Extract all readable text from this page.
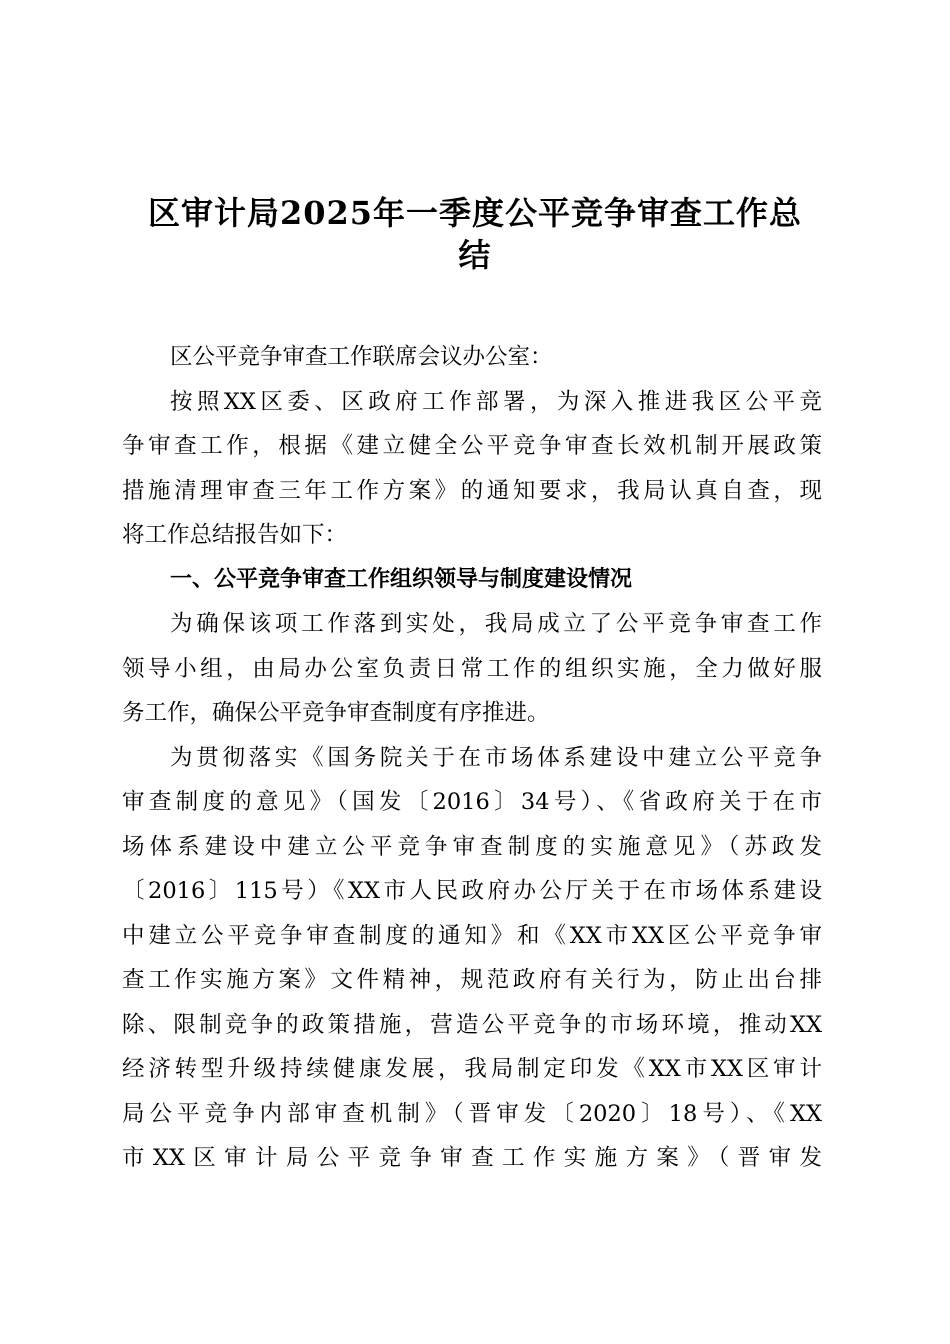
区审计局2025年一季度公平竞争审查工作总
结
区公平竞争审查工作联席会议办公室：
按照XX区委、区政府工作部署，为深入推进我区公平竞
争审查工作，根据《建立健全公平竞争审查长效机制开展政策
措施清理审查三年工作方案》的通知要求，我局认真自查，现
将工作总结报告如下：
一、公平竞争审查工作组织领导与制度建设情况
为确保该项工作落到实处，我局成立了公平竞争审查工作
领导小组，由局办公室负责日常工作的组织实施，全力做好服
务工作，确保公平竞争审查制度有序推进。
为贯彻落实《国务院关于在市场体系建设中建立公平竞争
审查制度的意见》（国发〔2016〕34号）、《省政府关于在市
场体系建设中建立公平竞争审查制度的实施意见》（苏政发
〔2016〕115号）《XX市人民政府办公厅关于在市场体系建设
中建立公平竞争审查制度的通知》和《XX市XX区公平竞争审
查工作实施方案》文件精神，规范政府有关行为，防止出台排
除、限制竞争的政策措施，营造公平竞争的市场环境，推动XX
经济转型升级持续健康发展，我局制定印发《XX市XX区审计
局公平竞争内部审查机制》（晋审发〔2020〕18号）、《XX
市XX区审计局公平竞争审查工作实施方案》（晋审发
